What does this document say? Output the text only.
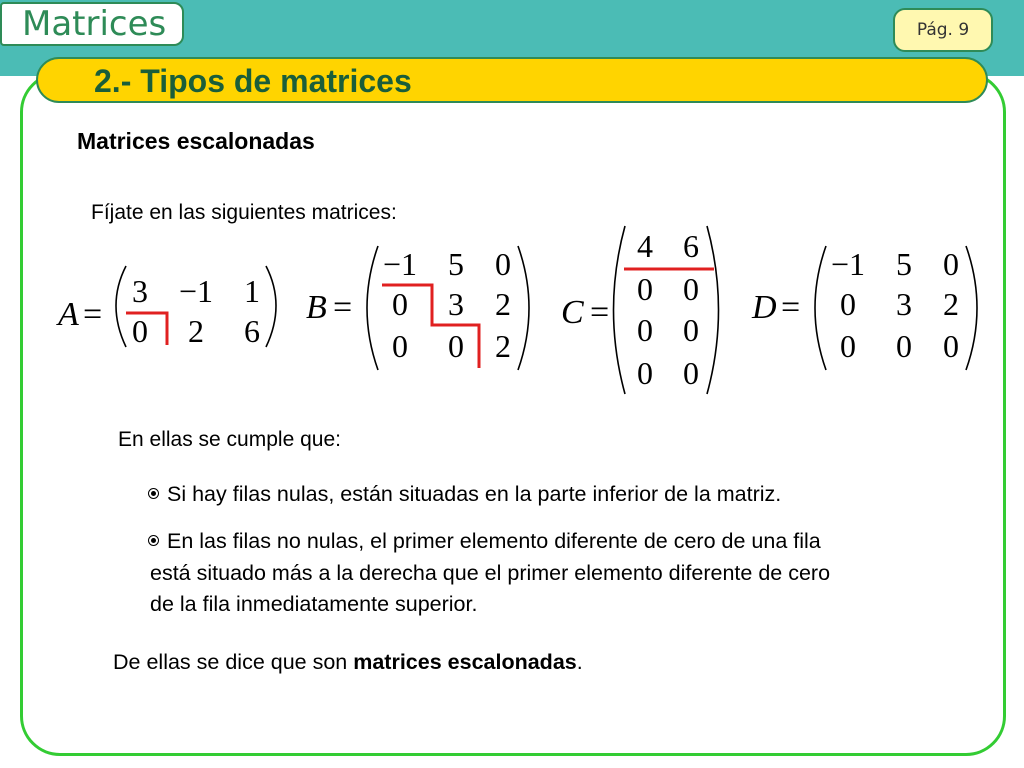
Matrices	Pág. 9
2.- Tipos de matrices
Matrices escalonadas
Fíjate en las siguientes matrices:
A =
3 −1 1
0 2 6
B =
−1 5 0
0 3 2
0 0 2
C =
4 6
0 0
0 0
0 0
D =
−1 5 0
0 3 2
0 0 0
En ellas se cumple que:
Si hay filas nulas, están situadas en la parte inferior de la matriz.
En las filas no nulas, el primer elemento diferente de cero de una fila
está situado más a la derecha que el primer elemento diferente de cero
de la fila inmediatamente superior.
De ellas se dice que son matrices escalonadas.
